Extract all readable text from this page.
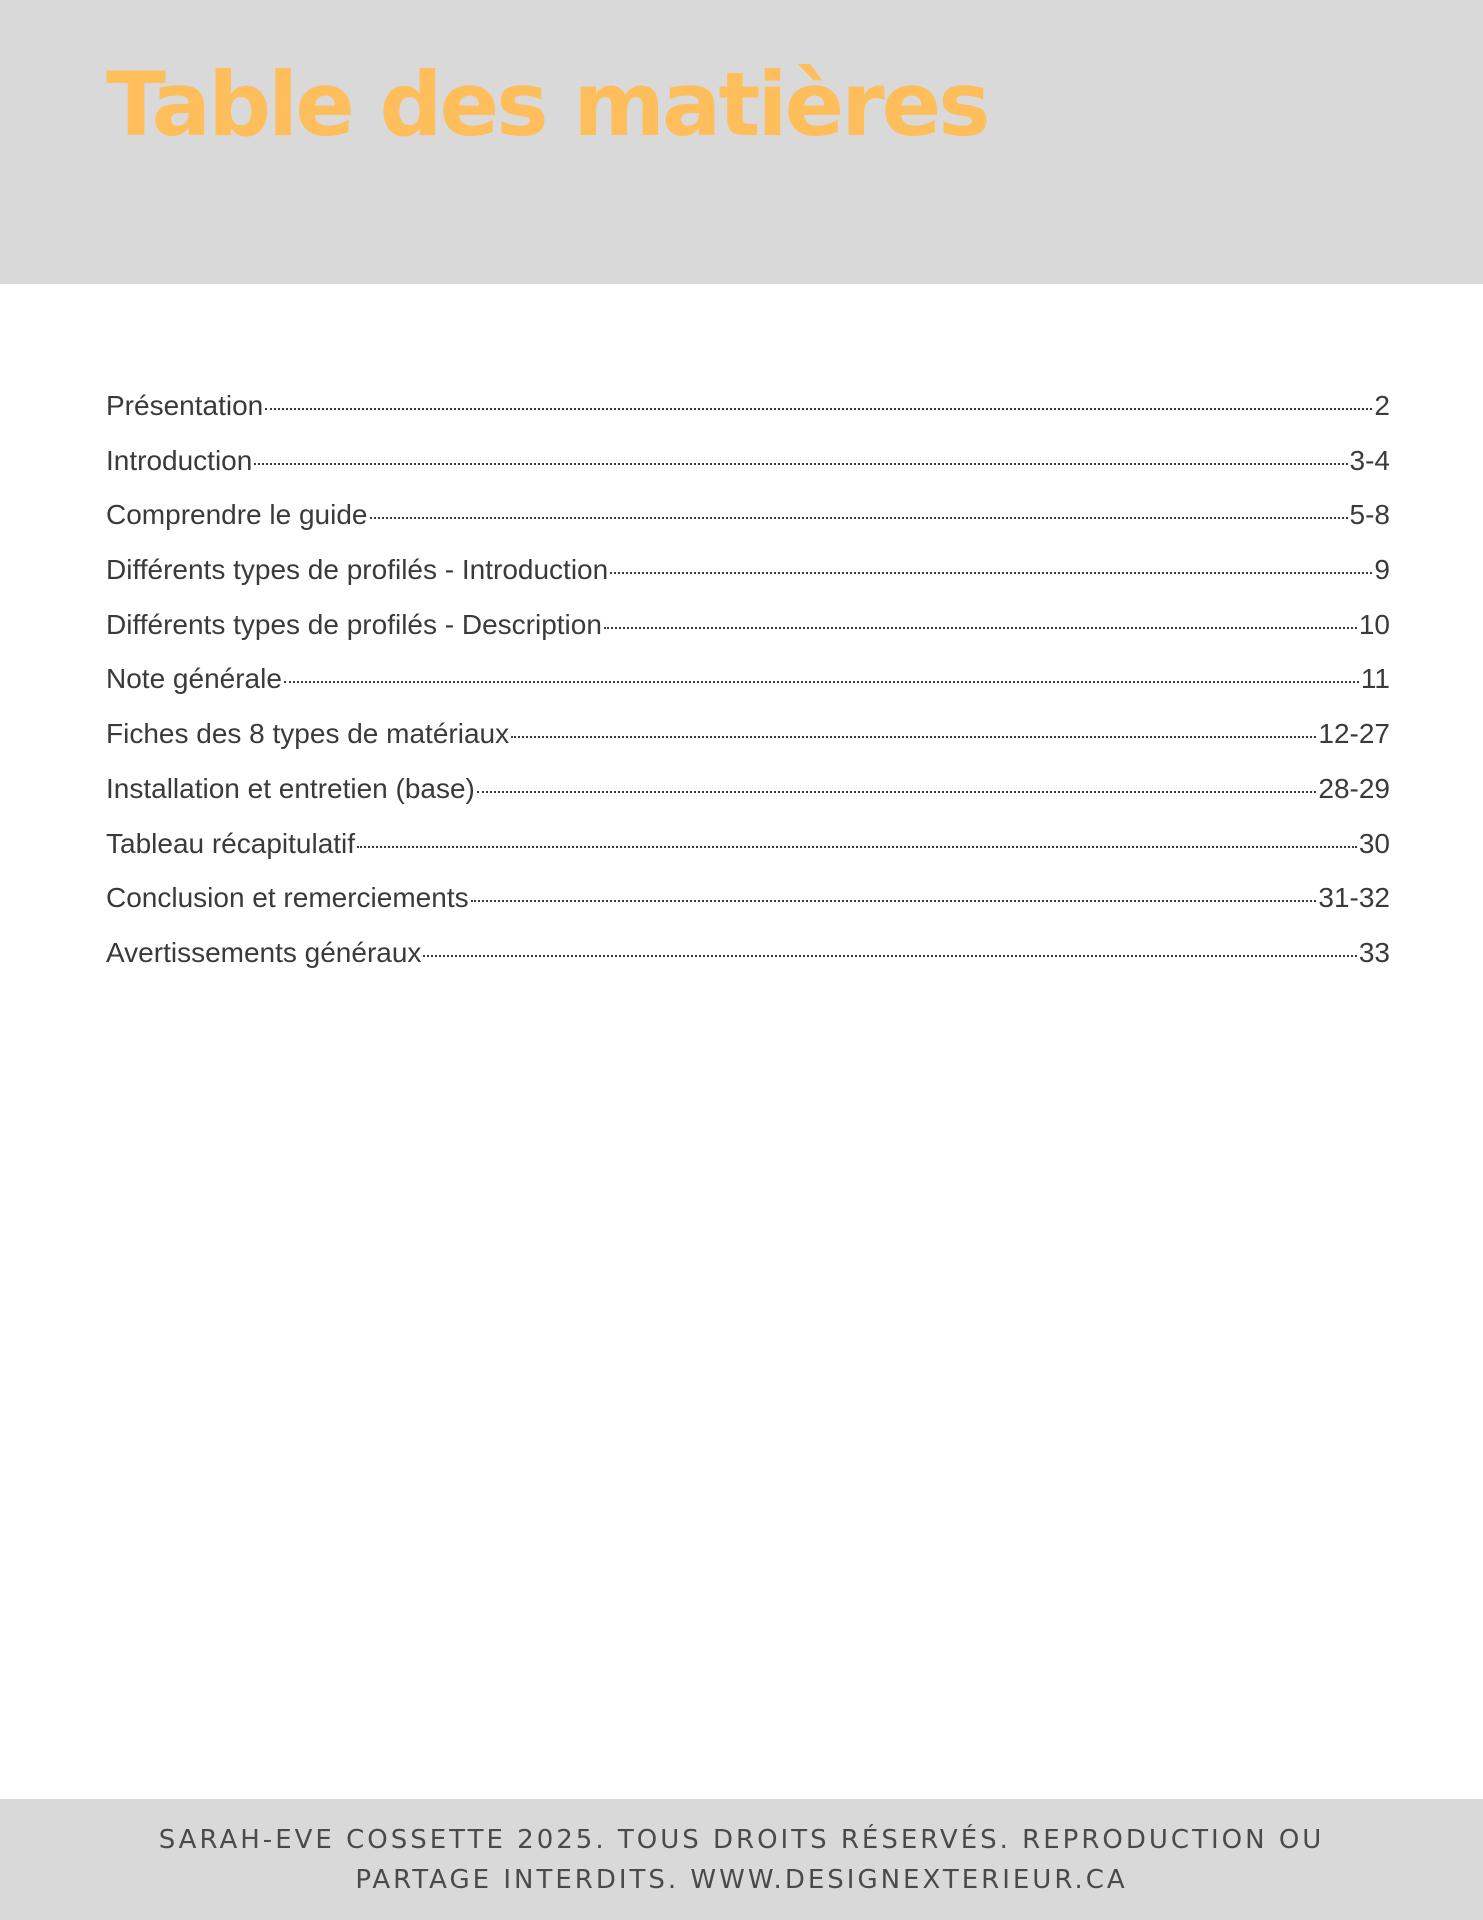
Table des matières
Présentation	2
Introduction	3-4
Comprendre le guide	5-8
Différents types de profilés - Introduction	9
Différents types de profilés - Description	10
Note générale	11
Fiches des 8 types de matériaux	12-27
Installation et entretien (base)	28-29
Tableau récapitulatif	30
Conclusion et remerciements	31-32
Avertissements généraux	33

SARAH-EVE COSSETTE 2025. TOUS DROITS RÉSERVÉS. REPRODUCTION OU PARTAGE INTERDITS. WWW.DESIGNEXTERIEUR.CA
